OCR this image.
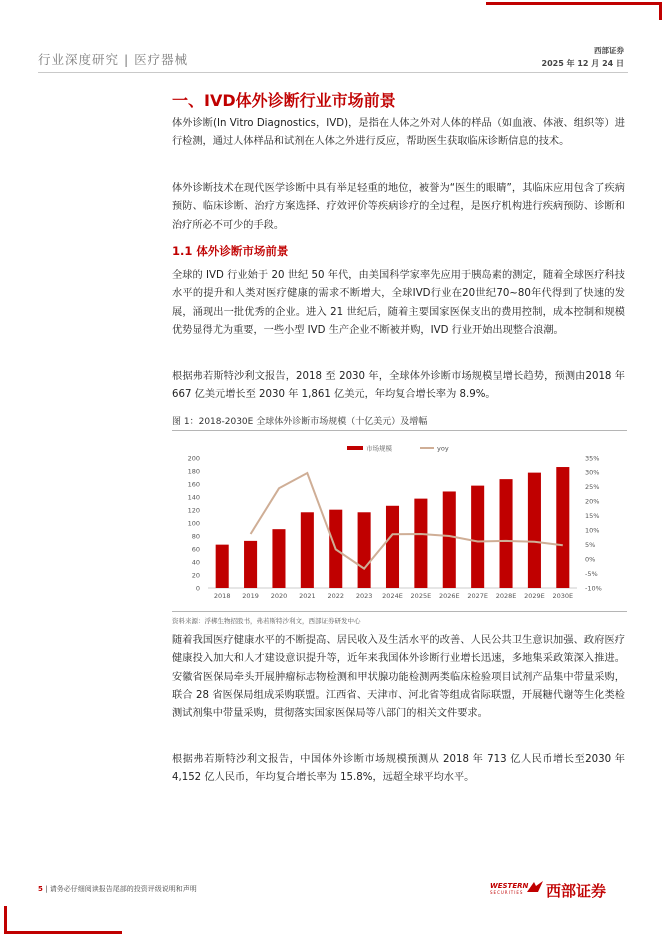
行业深度研究 | 医疗器械
西部证券
2025 年 12 月 24 日
一、IVD体外诊断行业市场前景

体外诊断(In Vitro Diagnostics，IVD)，是指在人体之外对人体的样品（如血液、体液、组织等）进行检测，通过人体样品和试剂在人体之外进行反应，帮助医生获取临床诊断信息的技术。

体外诊断技术在现代医学诊断中具有举足轻重的地位，被誉为“医生的眼睛”，其临床应用包含了疾病预防、临床诊断、治疗方案选择、疗效评价等疾病诊疗的全过程，是医疗机构进行疾病预防、诊断和治疗所必不可少的手段。

1.1 体外诊断市场前景

全球的 IVD 行业始于 20 世纪 50 年代，由美国科学家率先应用于胰岛素的测定，随着全球医疗科技水平的提升和人类对医疗健康的需求不断增大，全球IVD行业在20世纪70~80年代得到了快速的发展，涌现出一批优秀的企业。进入 21 世纪后，随着主要国家医保支出的费用控制，成本控制和规模优势显得尤为重要，一些小型 IVD 生产企业不断被并购，IVD 行业开始出现整合浪潮。

根据弗若斯特沙利文报告，2018 至 2030 年，全球体外诊断市场规模呈增长趋势，预测由2018 年 667 亿美元增长至 2030 年 1,861 亿美元，年均复合增长率为 8.9%。

图 1：2018-2030E 全球体外诊断市场规模（十亿美元）及增幅
市场规模	yoy
0
20
40
60
80
100
120
140
160
180
200
-10%
-5%
0%
5%
10%
15%
20%
25%
30%
35%
2018 2019 2020 2021 2022 2023 2024E 2025E 2026E 2027E 2028E 2029E 2030E
资料来源：浮梆生物招股书，弗若斯特沙利文，西部证券研发中心

随着我国医疗健康水平的不断提高、居民收入及生活水平的改善、人民公共卫生意识加强、政府医疗健康投入加大和人才建设意识提升等，近年来我国体外诊断行业增长迅速，多地集采政策深入推进。安徽省医保局牵头开展肿瘤标志物检测和甲状腺功能检测两类临床检验项目试剂产品集中带量采购，联合 28 省医保局组成采购联盟。江西省、天津市、河北省等组成省际联盟，开展糖代谢等生化类检测试剂集中带量采购，贯彻落实国家医保局等八部门的相关文件要求。

根据弗若斯特沙利文报告，中国体外诊断市场规模预测从 2018 年 713 亿人民币增长至2030 年 4,152 亿人民币，年均复合增长率为 15.8%，远超全球平均水平。

5 | 请务必仔细阅读报告尾部的投资评级说明和声明	WESTERN
SECURITIES 西部证券
